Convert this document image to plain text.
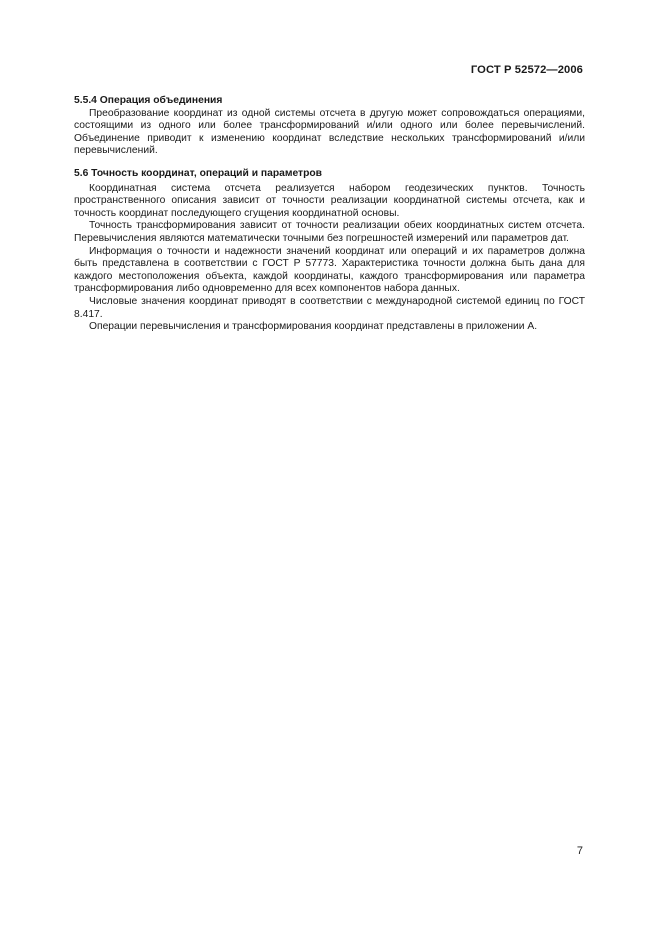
ГОСТ Р 52572—2006

5.5.4 Операция объединения

Преобразование координат из одной системы отсчета в другую может сопровождаться операциями, состоящими из одного или более трансформирований и/или одного или более перевычислений. Объединение приводит к изменению координат вследствие нескольких трансформирований и/или перевычислений.

5.6 Точность координат, операций и параметров

Координатная система отсчета реализуется набором геодезических пунктов. Точность пространственного описания зависит от точности реализации координатной системы отсчета, как и точность координат последующего сгущения координатной основы.

Точность трансформирования зависит от точности реализации обеих координатных систем отсчета. Перевычисления являются математически точными без погрешностей измерений или параметров дат.

Информация о точности и надежности значений координат или операций и их параметров должна быть представлена в соответствии с ГОСТ Р 57773. Характеристика точности должна быть дана для каждого местоположения объекта, каждой координаты, каждого трансформирования или параметра трансформирования либо одновременно для всех компонентов набора данных.

Числовые значения координат приводят в соответствии с международной системой единиц по ГОСТ 8.417.

Операции перевычисления и трансформирования координат представлены в приложении А.

7
